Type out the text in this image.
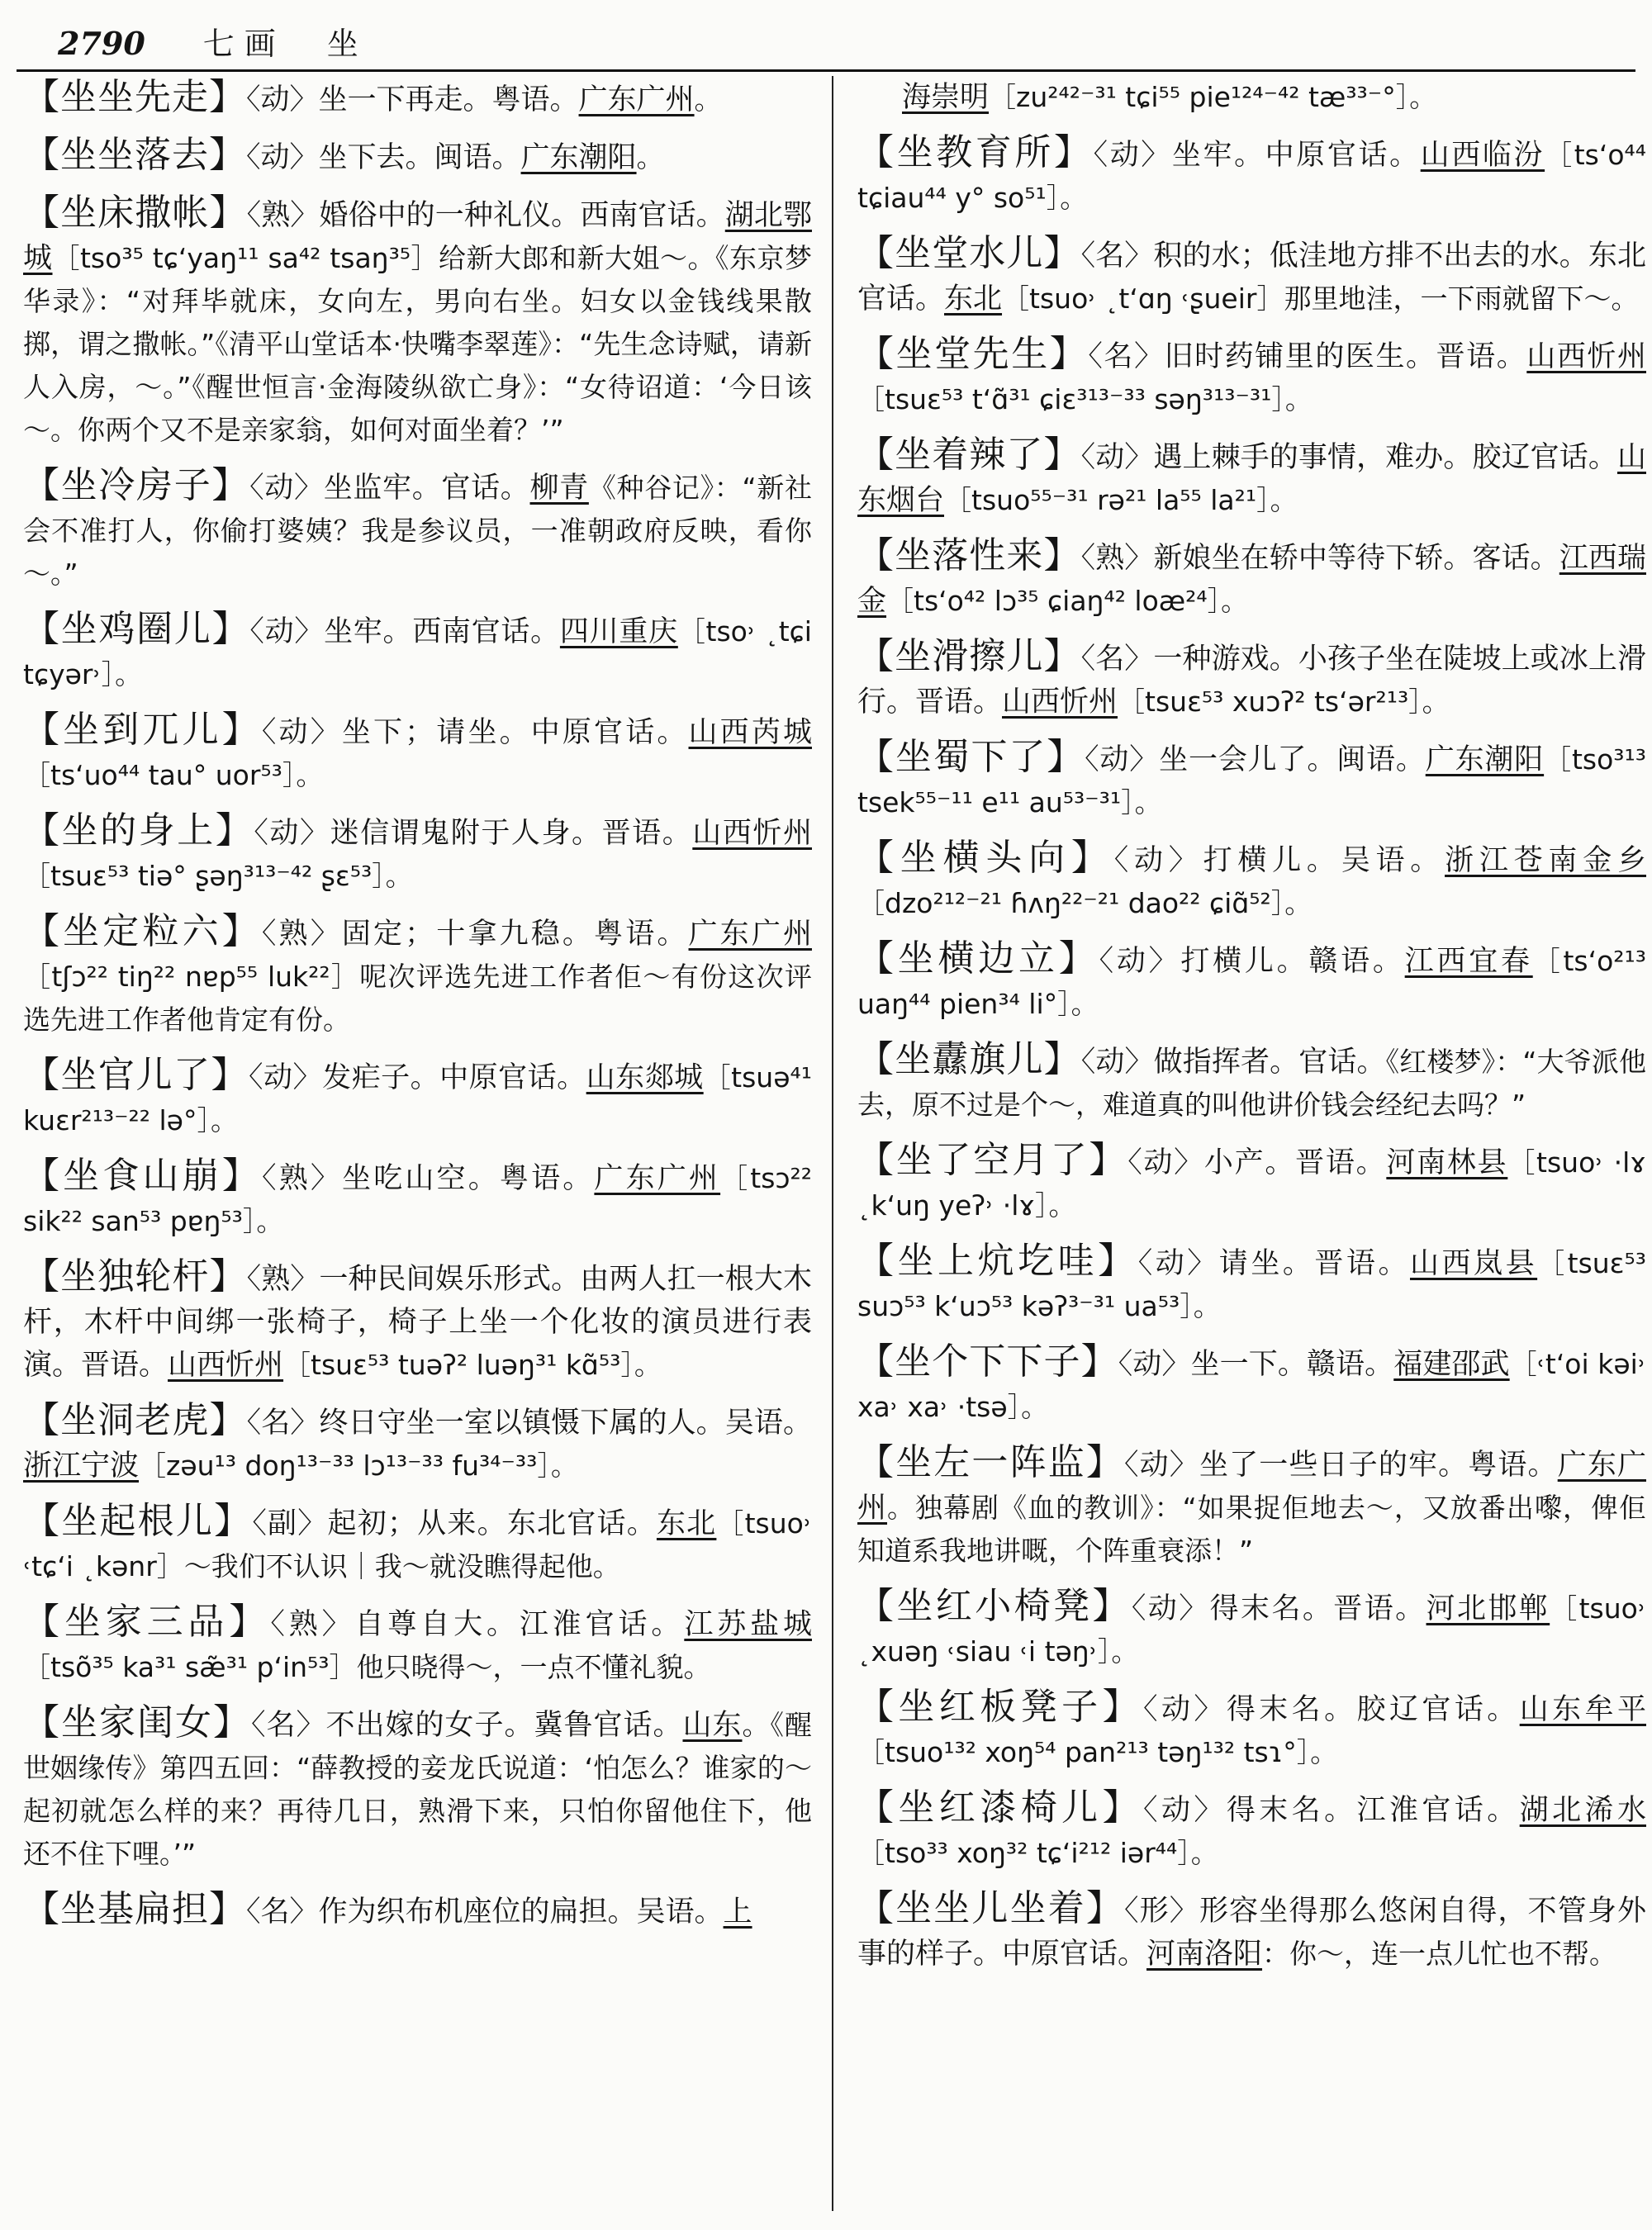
2790 七画　坐
【坐坐先走】〈动〉坐一下再走。粤语。广东广州。
【坐坐落去】〈动〉坐下去。闽语。广东潮阳。
【坐床撒帐】〈熟〉婚俗中的一种礼仪。西南官话。湖北鄂城［tso³⁵ tɕ‘yaŋ¹¹ sa⁴² tsaŋ³⁵］给新大郎和新大姐～。《东京梦华录》：“对拜毕就床，女向左，男向右坐。妇女以金钱线果散掷，谓之撒帐。”《清平山堂话本·快嘴李翠莲》：“先生念诗赋，请新人入房，～。”《醒世恒言·金海陵纵欲亡身》：“女待诏道：‘今日该～。你两个又不是亲家翁，如何对面坐着？’”
【坐冷房子】〈动〉坐监牢。官话。柳青《种谷记》：“新社会不准打人，你偷打婆姨？我是参议员，一准朝政府反映，看你～。”
【坐鸡圈儿】〈动〉坐牢。西南官话。四川重庆［tso˒ ˛tɕi tɕyər˒］。
【坐到兀儿】〈动〉坐下；请坐。中原官话。山西芮城［ts‘uo⁴⁴ tau° uor⁵³］。
【坐的身上】〈动〉迷信谓鬼附于人身。晋语。山西忻州［tsuɛ⁵³ tiə° ʂəŋ³¹³⁻⁴² ʂɛ⁵³］。
【坐定粒六】〈熟〉固定；十拿九稳。粤语。广东广州［tʃɔ²² tiŋ²² nɐp⁵⁵ luk²²］呢次评选先进工作者佢～有份这次评选先进工作者他肯定有份。
【坐官儿了】〈动〉发疟子。中原官话。山东郯城［tsuə⁴¹ kuɛr²¹³⁻²² lə°］。
【坐食山崩】〈熟〉坐吃山空。粤语。广东广州［tsɔ²² sik²² san⁵³ pɐŋ⁵³］。
【坐独轮杆】〈熟〉一种民间娱乐形式。由两人扛一根大木杆，木杆中间绑一张椅子，椅子上坐一个化妆的演员进行表演。晋语。山西忻州［tsuɛ⁵³ tuəʔ² luəŋ³¹ kɑ̃⁵³］。
【坐洞老虎】〈名〉终日守坐一室以镇慑下属的人。吴语。浙江宁波［zəu¹³ doŋ¹³⁻³³ lɔ¹³⁻³³ fu³⁴⁻³³］。
【坐起根儿】〈副〉起初；从来。东北官话。东北［tsuo˒ ˓tɕ‘i ˛kənr］～我们不认识｜我～就没瞧得起他。
【坐家三品】〈熟〉自尊自大。江淮官话。江苏盐城［tsõ³⁵ ka³¹ sæ̃³¹ p‘in⁵³］他只晓得～，一点不懂礼貌。
【坐家闺女】〈名〉不出嫁的女子。冀鲁官话。山东。《醒世姻缘传》第四五回：“薛教授的妾龙氏说道：‘怕怎么？谁家的～起初就怎么样的来？再待几日，熟滑下来，只怕你留他住下，他还不住下哩。’”
【坐基扁担】〈名〉作为织布机座位的扁担。吴语。上
海崇明［zu²⁴²⁻³¹ tɕi⁵⁵ pie¹²⁴⁻⁴² tæ³³⁻°］。
【坐教育所】〈动〉坐牢。中原官话。山西临汾［ts‘o⁴⁴ tɕiau⁴⁴ y° so⁵¹］。
【坐堂水儿】〈名〉积的水；低洼地方排不出去的水。东北官话。东北［tsuo˒ ˛t‘ɑŋ ˓ʂueir］那里地洼，一下雨就留下～。
【坐堂先生】〈名〉旧时药铺里的医生。晋语。山西忻州［tsuɛ⁵³ t‘ɑ̃³¹ ɕiɛ³¹³⁻³³ səŋ³¹³⁻³¹］。
【坐着辣了】〈动〉遇上棘手的事情，难办。胶辽官话。山东烟台［tsuo⁵⁵⁻³¹ rə²¹ la⁵⁵ la²¹］。
【坐落性来】〈熟〉新娘坐在轿中等待下轿。客话。江西瑞金［ts‘o⁴² lɔ³⁵ ɕiaŋ⁴² loæ²⁴］。
【坐滑擦儿】〈名〉一种游戏。小孩子坐在陡坡上或冰上滑行。晋语。山西忻州［tsuɛ⁵³ xuɔʔ² ts‘ər²¹³］。
【坐蜀下了】〈动〉坐一会儿了。闽语。广东潮阳［tso³¹³ tsek⁵⁵⁻¹¹ e¹¹ au⁵³⁻³¹］。
【坐横头向】〈动〉打横儿。吴语。浙江苍南金乡［dzo²¹²⁻²¹ ɦʌŋ²²⁻²¹ dao²² ɕiɑ̃⁵²］。
【坐横边立】〈动〉打横儿。赣语。江西宜春［ts‘o²¹³ uaŋ⁴⁴ pien³⁴ li°］。
【坐纛旗儿】〈动〉做指挥者。官话。《红楼梦》：“大爷派他去，原不过是个～，难道真的叫他讲价钱会经纪去吗？”
【坐了空月了】〈动〉小产。晋语。河南林县［tsuo˒ ·lɤ ˛k‘uŋ yeʔ˒ ·lɤ］。
【坐上炕圪哇】〈动〉请坐。晋语。山西岚县［tsuɛ⁵³ suɔ⁵³ k‘uɔ⁵³ kəʔ³⁻³¹ ua⁵³］。
【坐个下下子】〈动〉坐一下。赣语。福建邵武［˓t‘oi kəi˒ xa˒ xa˒ ·tsə］。
【坐左一阵监】〈动〉坐了一些日子的牢。粤语。广东广州。独幕剧《血的教训》：“如果捉佢地去～，又放番出嚟，俾佢知道系我地讲嘅，个阵重衰添！”
【坐红小椅凳】〈动〉得末名。晋语。河北邯郸［tsuo˒ ˛xuəŋ ˓siau ˓i təŋ˒］。
【坐红板凳子】〈动〉得末名。胶辽官话。山东牟平［tsuo¹³² xoŋ⁵⁴ pan²¹³ təŋ¹³² tsɿ°］。
【坐红漆椅儿】〈动〉得末名。江淮官话。湖北浠水［tso³³ xoŋ³² tɕ‘i²¹² iər⁴⁴］。
【坐坐儿坐着】〈形〉形容坐得那么悠闲自得，不管身外事的样子。中原官话。河南洛阳：你～，连一点儿忙也不帮。
